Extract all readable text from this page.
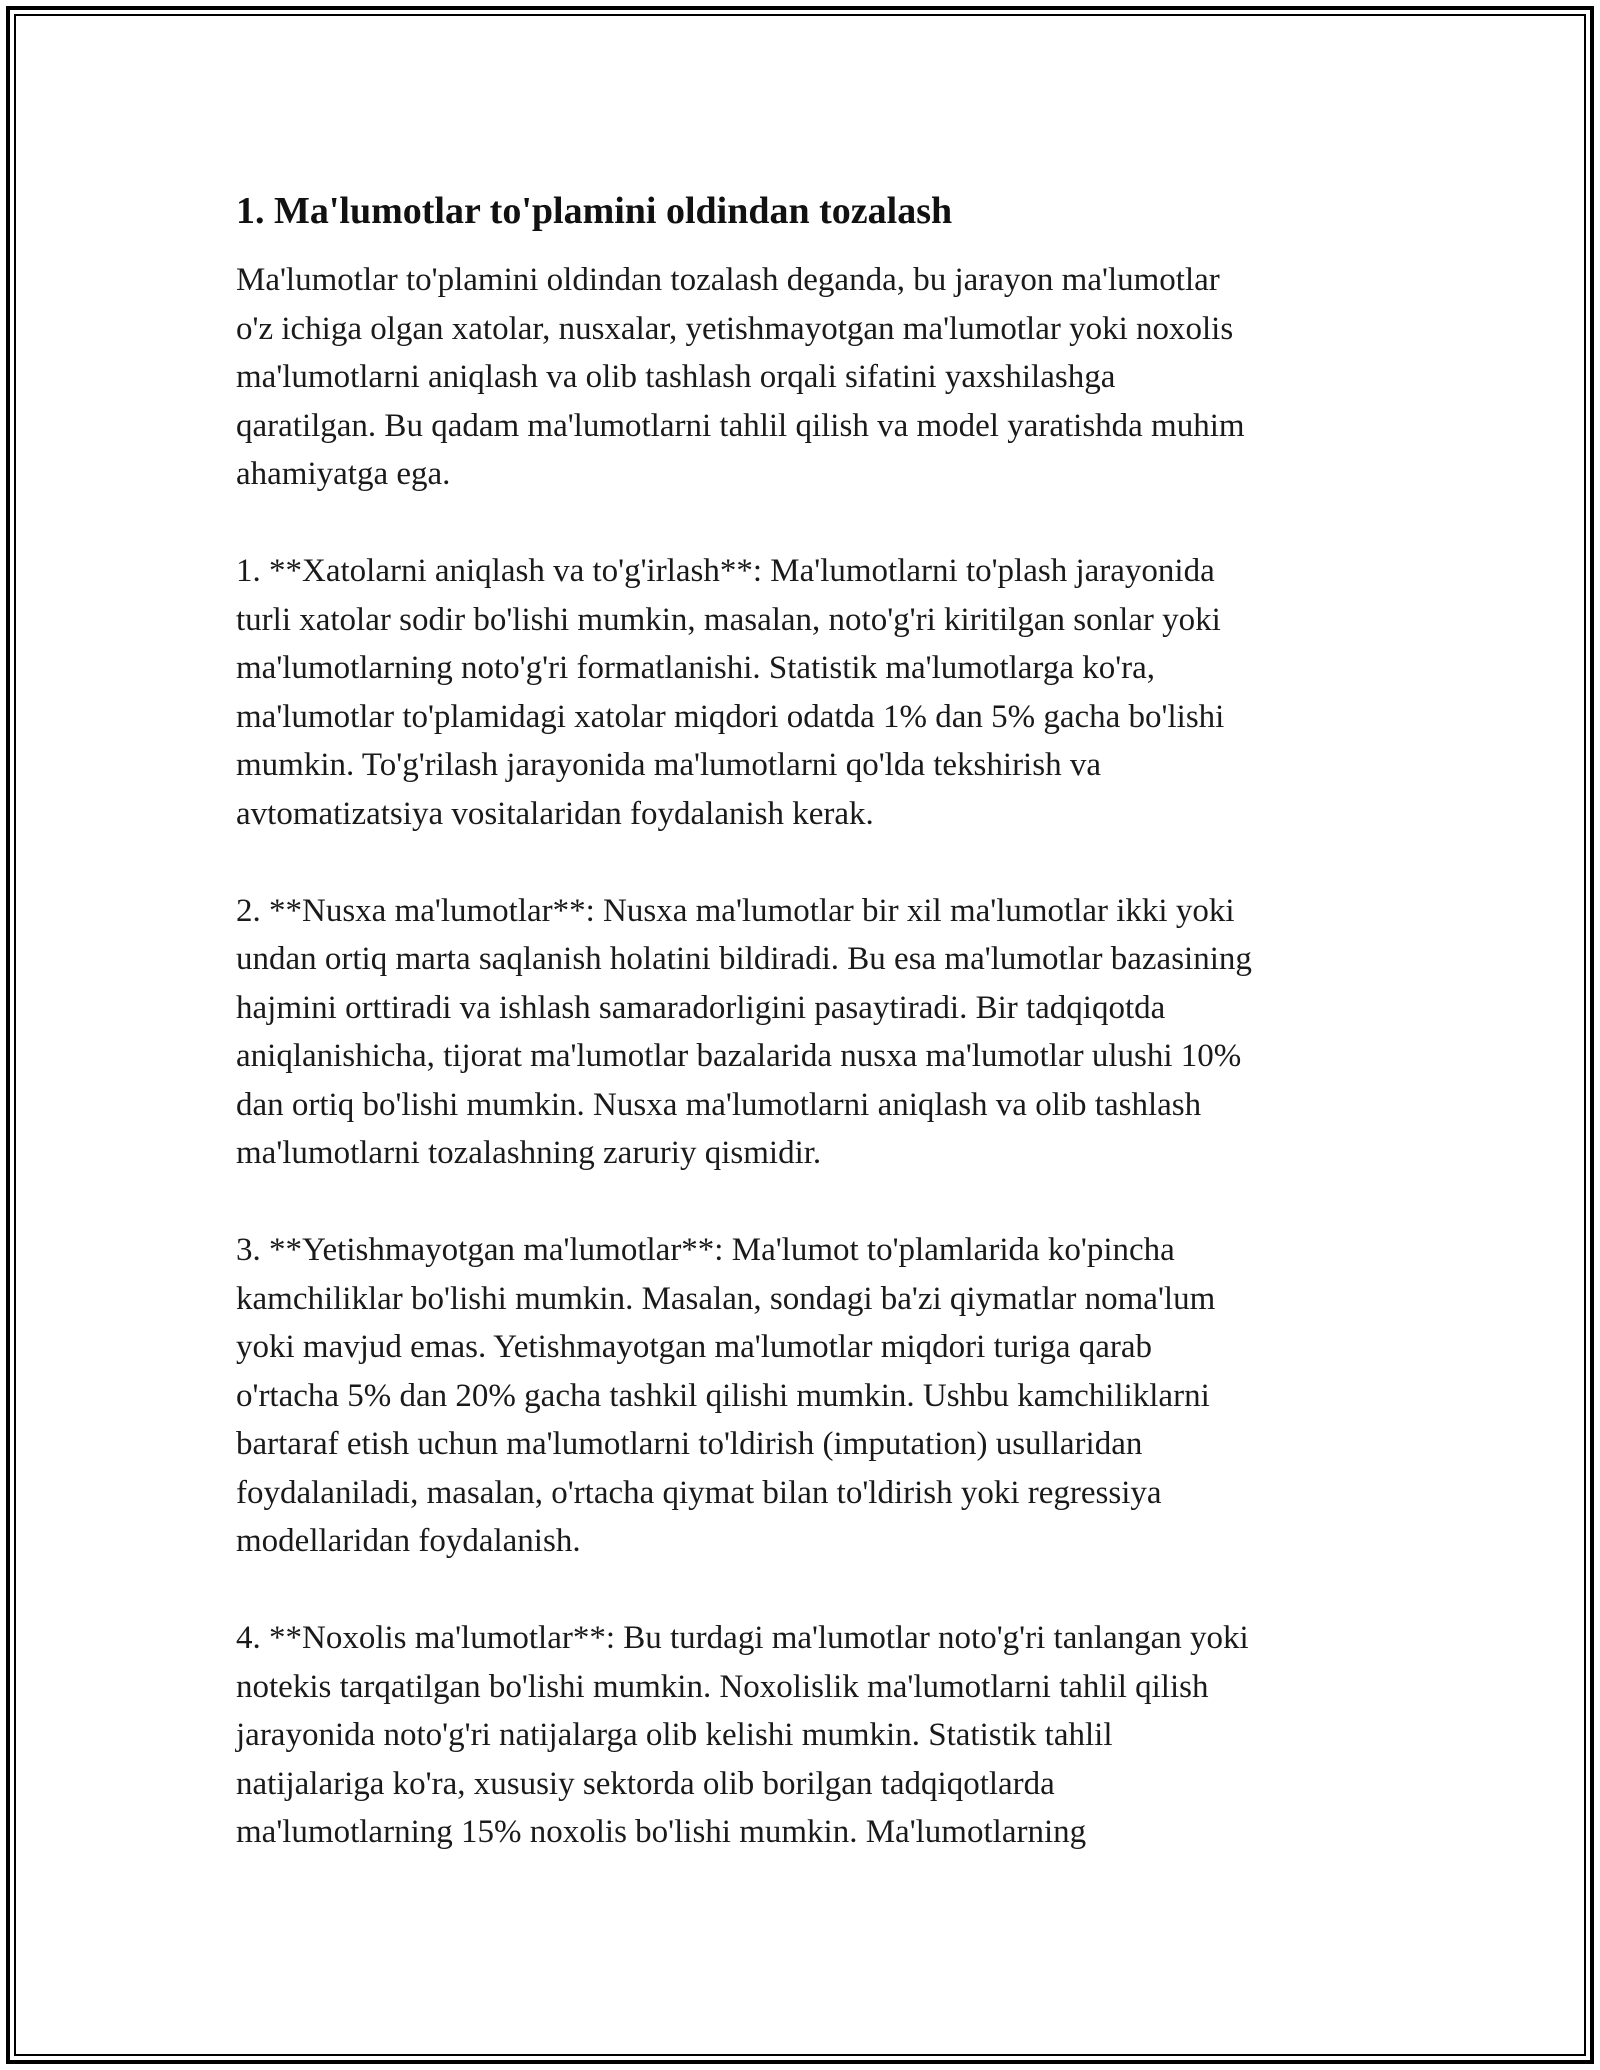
1. Ma'lumotlar to'plamini oldindan tozalash
Ma'lumotlar to'plamini oldindan tozalash deganda, bu jarayon ma'lumotlar
o'z ichiga olgan xatolar, nusxalar, yetishmayotgan ma'lumotlar yoki noxolis
ma'lumotlarni aniqlash va olib tashlash orqali sifatini yaxshilashga
qaratilgan. Bu qadam ma'lumotlarni tahlil qilish va model yaratishda muhim
ahamiyatga ega.
1. **Xatolarni aniqlash va to'g'irlash**: Ma'lumotlarni to'plash jarayonida
turli xatolar sodir bo'lishi mumkin, masalan, noto'g'ri kiritilgan sonlar yoki
ma'lumotlarning noto'g'ri formatlanishi. Statistik ma'lumotlarga ko'ra,
ma'lumotlar to'plamidagi xatolar miqdori odatda 1% dan 5% gacha bo'lishi
mumkin. To'g'rilash jarayonida ma'lumotlarni qo'lda tekshirish va
avtomatizatsiya vositalaridan foydalanish kerak.
2. **Nusxa ma'lumotlar**: Nusxa ma'lumotlar bir xil ma'lumotlar ikki yoki
undan ortiq marta saqlanish holatini bildiradi. Bu esa ma'lumotlar bazasining
hajmini orttiradi va ishlash samaradorligini pasaytiradi. Bir tadqiqotda
aniqlanishicha, tijorat ma'lumotlar bazalarida nusxa ma'lumotlar ulushi 10%
dan ortiq bo'lishi mumkin. Nusxa ma'lumotlarni aniqlash va olib tashlash
ma'lumotlarni tozalashning zaruriy qismidir.
3. **Yetishmayotgan ma'lumotlar**: Ma'lumot to'plamlarida ko'pincha
kamchiliklar bo'lishi mumkin. Masalan, sondagi ba'zi qiymatlar noma'lum
yoki mavjud emas. Yetishmayotgan ma'lumotlar miqdori turiga qarab
o'rtacha 5% dan 20% gacha tashkil qilishi mumkin. Ushbu kamchiliklarni
bartaraf etish uchun ma'lumotlarni to'ldirish (imputation) usullaridan
foydalaniladi, masalan, o'rtacha qiymat bilan to'ldirish yoki regressiya
modellaridan foydalanish.
4. **Noxolis ma'lumotlar**: Bu turdagi ma'lumotlar noto'g'ri tanlangan yoki
notekis tarqatilgan bo'lishi mumkin. Noxolislik ma'lumotlarni tahlil qilish
jarayonida noto'g'ri natijalarga olib kelishi mumkin. Statistik tahlil
natijalariga ko'ra, xususiy sektorda olib borilgan tadqiqotlarda
ma'lumotlarning 15% noxolis bo'lishi mumkin. Ma'lumotlarning
